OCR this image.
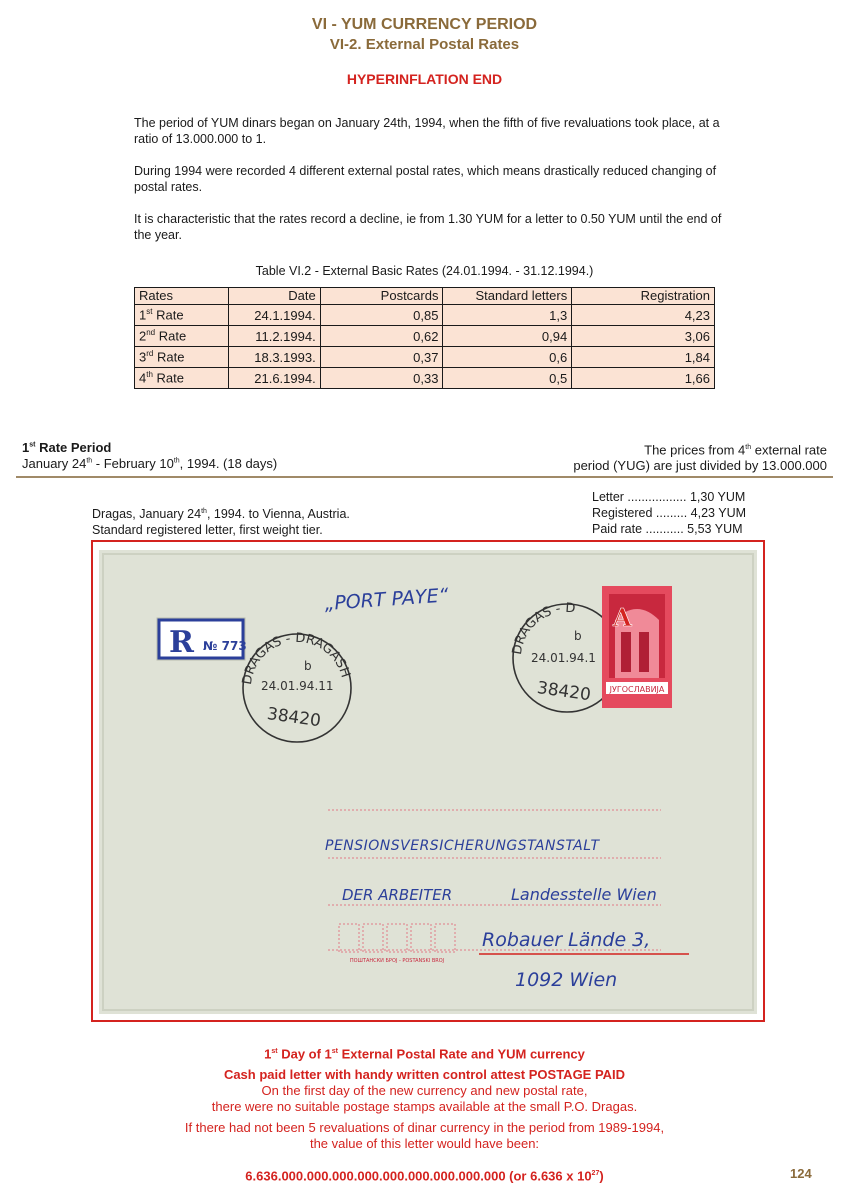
VI - YUM CURRENCY PERIOD
VI-2. External Postal Rates
HYPERINFLATION END
The period of YUM dinars began on January 24th, 1994, when the fifth of five revaluations took place, at a ratio of 13.000.000 to 1.
During 1994 were recorded 4 different external postal rates, which means drastically reduced changing of postal rates.
It is characteristic that the rates record a decline, ie from 1.30 YUM for a letter to 0.50 YUM until the end of the year.
Table VI.2 - External Basic Rates (24.01.1994. - 31.12.1994.)
Rates	Date	Postcards	Standard letters	Registration
1st Rate	24.1.1994.	0,85	1,3	4,23
2nd Rate	11.2.1994.	0,62	0,94	3,06
3rd Rate	18.3.1993.	0,37	0,6	1,84
4th Rate	21.6.1994.	0,33	0,5	1,66
1st Rate Period
January 24th - February 10th, 1994. (18 days)
The prices from 4th external rate
period (YUG) are just divided by 13.000.000
Dragas, January 24th, 1994. to Vienna, Austria.
Standard registered letter, first weight tier.
Letter ................. 1,30 YUM
Registered ......... 4,23 YUM
Paid rate ........... 5,53 YUM
„PORT PAYE“
R № 773
DRAGAS - DRAGASH
b
24.01.94.11
38420
DRAGAS - D
b
24.01.94.1
38420
A
ЈУГОСЛАВИЈА
PENSIONSVERSICHERUNGSTANSTALT
DER ARBEITER	Landesstelle Wien
Robauer Lände 3,
1092 Wien
ПОШТАНСКИ БРОЈ - POSTANSKI BROJ
1st Day of 1st External Postal Rate and YUM currency
Cash paid letter with handy written control attest POSTAGE PAID
On the first day of the new currency and new postal rate,
there were no suitable postage stamps available at the small P.O. Dragas.
If there had not been 5 revaluations of dinar currency in the period from 1989-1994,
the value of this letter would have been:
6.636.000.000.000.000.000.000.000.000.000 (or 6.636 x $10^{27}$)	124
